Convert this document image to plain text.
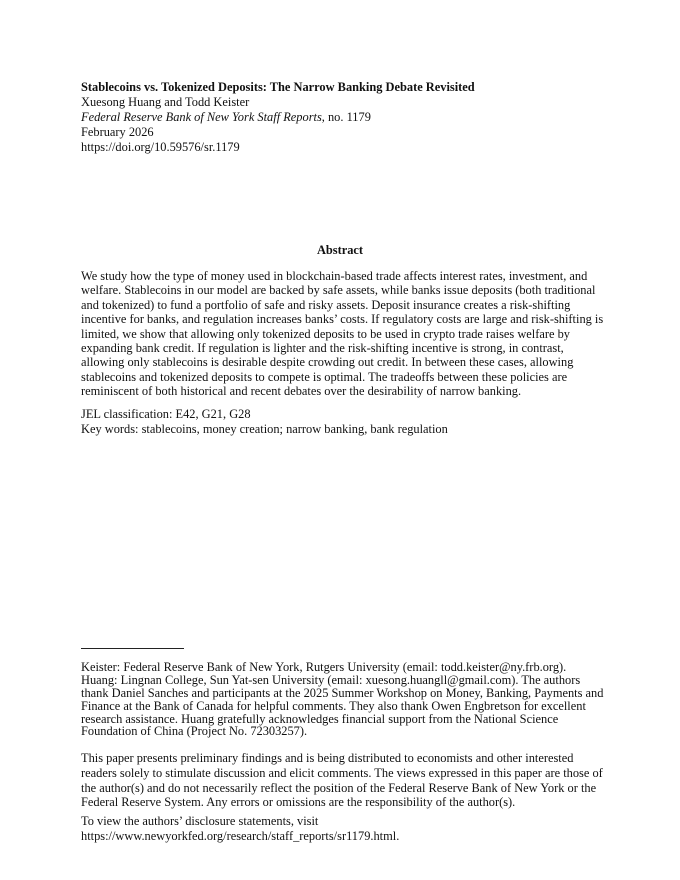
Stablecoins vs. Tokenized Deposits: The Narrow Banking Debate Revisited
Xuesong Huang and Todd Keister
Federal Reserve Bank of New York Staff Reports, no. 1179
February 2026
https://doi.org/10.59576/sr.1179
Abstract
We study how the type of money used in blockchain-based trade affects interest rates, investment, and
welfare. Stablecoins in our model are backed by safe assets, while banks issue deposits (both traditional
and tokenized) to fund a portfolio of safe and risky assets. Deposit insurance creates a risk-shifting
incentive for banks, and regulation increases banks’ costs. If regulatory costs are large and risk-shifting is
limited, we show that allowing only tokenized deposits to be used in crypto trade raises welfare by
expanding bank credit. If regulation is lighter and the risk-shifting incentive is strong, in contrast,
allowing only stablecoins is desirable despite crowding out credit. In between these cases, allowing
stablecoins and tokenized deposits to compete is optimal. The tradeoffs between these policies are
reminiscent of both historical and recent debates over the desirability of narrow banking.
JEL classification: E42, G21, G28
Key words: stablecoins, money creation; narrow banking, bank regulation
Keister: Federal Reserve Bank of New York, Rutgers University (email: todd.keister@ny.frb.org).
Huang: Lingnan College, Sun Yat-sen University (email: xuesong.huangll@gmail.com). The authors
thank Daniel Sanches and participants at the 2025 Summer Workshop on Money, Banking, Payments and
Finance at the Bank of Canada for helpful comments. They also thank Owen Engbretson for excellent
research assistance. Huang gratefully acknowledges financial support from the National Science
Foundation of China (Project No. 72303257).
This paper presents preliminary findings and is being distributed to economists and other interested
readers solely to stimulate discussion and elicit comments. The views expressed in this paper are those of
the author(s) and do not necessarily reflect the position of the Federal Reserve Bank of New York or the
Federal Reserve System. Any errors or omissions are the responsibility of the author(s).
To view the authors’ disclosure statements, visit
https://www.newyorkfed.org/research/staff_reports/sr1179.html.
